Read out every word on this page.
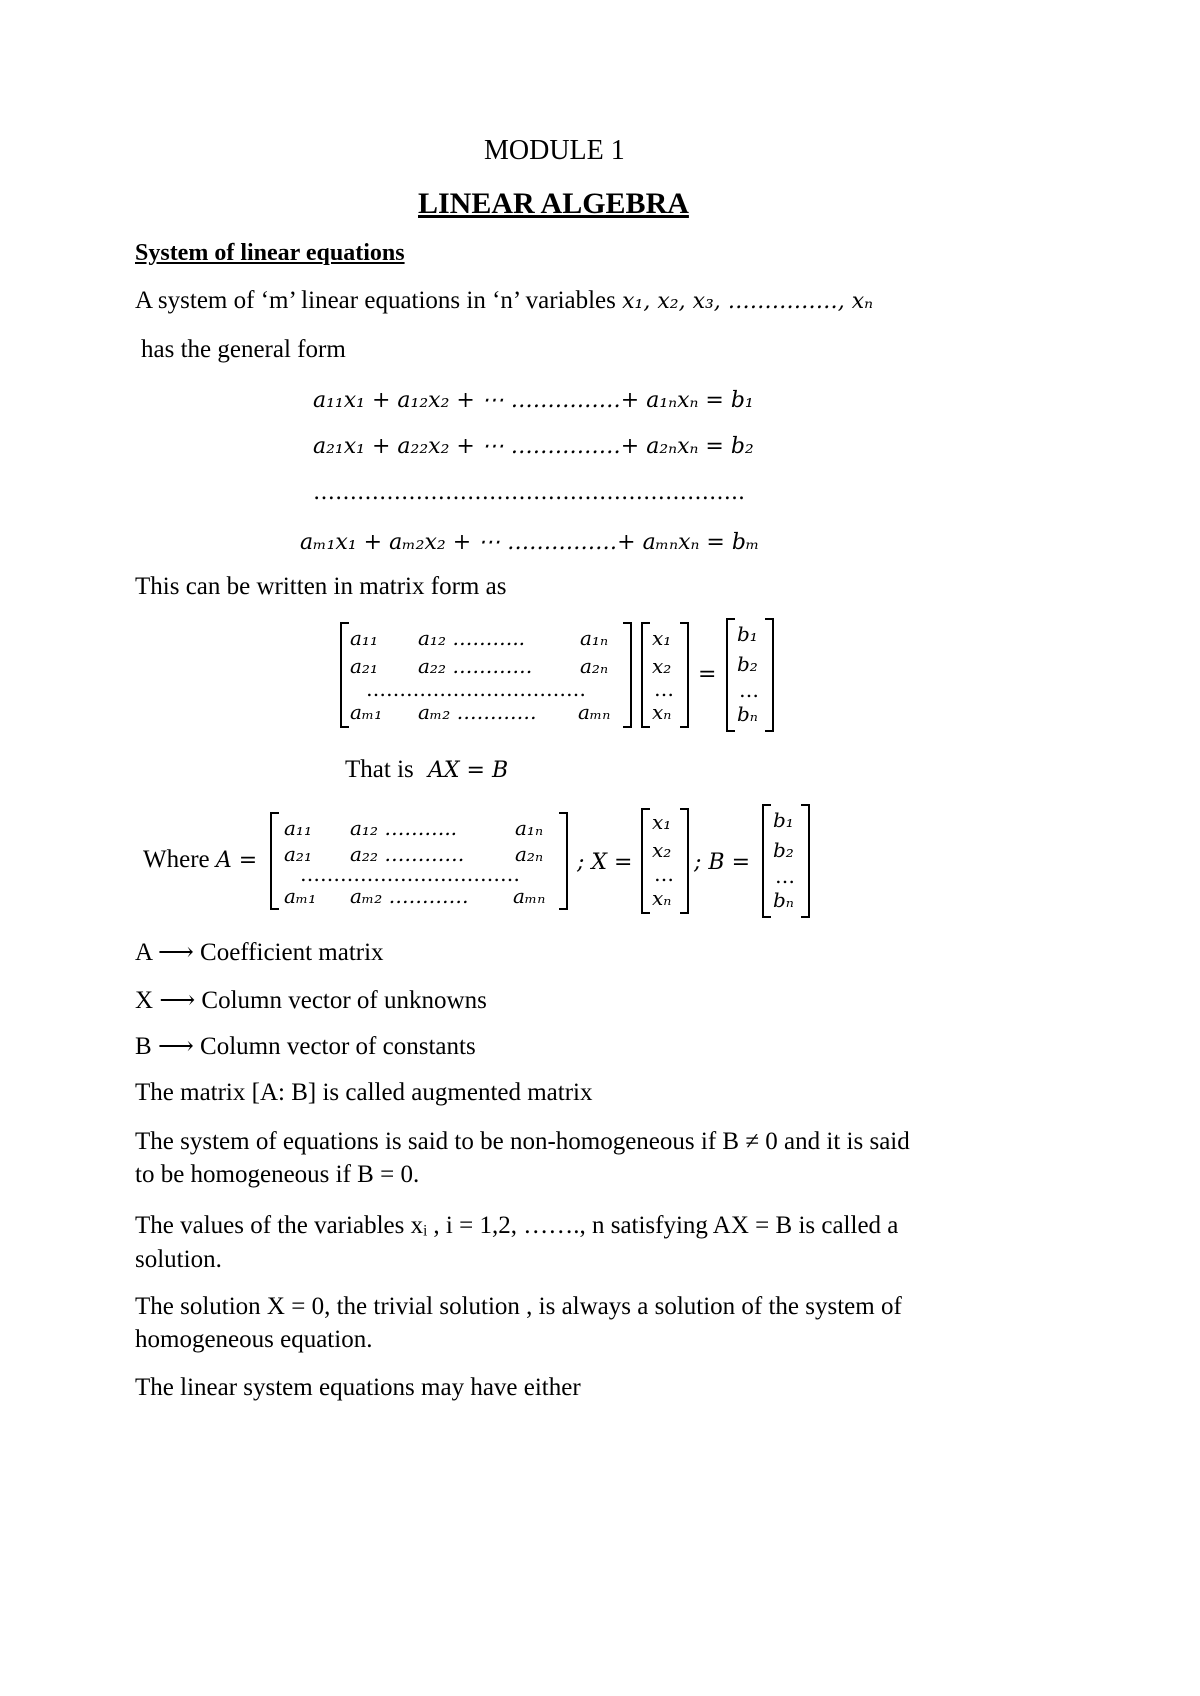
MODULE 1
LINEAR ALGEBRA
System of linear equations
A system of ‘m’ linear equations in ‘n’ variables x₁, x₂, x₃, ……………, xₙ
has the general form
a₁₁x₁ + a₁₂x₂ + ⋯ ……………+ a₁ₙxₙ = b₁
a₂₁x₁ + a₂₂x₂ + ⋯ ……………+ a₂ₙxₙ = b₂
…………………………………………………..
aₘ₁x₁ + aₘ₂x₂ + ⋯ ……………+ aₘₙxₙ = bₘ
This can be written in matrix form as
a₁₁ a₁₂ ………..	a₁ₙ
a₂₁ a₂₂ ………… a₂ₙ
……………………………
aₘ₁ aₘ₂ ………… aₘₙ
x₁
x₂
…
xₙ
=
b₁
b₂
…
bₙ
That is AX = B
Where A =
a₁₁ a₁₂ ………..	a₁ₙ
a₂₁ a₂₂ …………	a₂ₙ
……………………………
aₘ₁ aₘ₂ ………… aₘₙ
; X =
x₁
x₂
…
xₙ
; B =
b₁
b₂
…
bₙ
A ⟶ Coefficient matrix
X ⟶ Column vector of unknowns
B ⟶ Column vector of constants
The matrix [A: B] is called augmented matrix
The system of equations is said to be non-homogeneous if B ≠ 0 and it is said
to be homogeneous if B = 0.
The values of the variables xᵢ , i = 1,2, ……., n satisfying AX = B is called a
solution.
The solution X = 0, the trivial solution , is always a solution of the system of
homogeneous equation.
The linear system equations may have either
